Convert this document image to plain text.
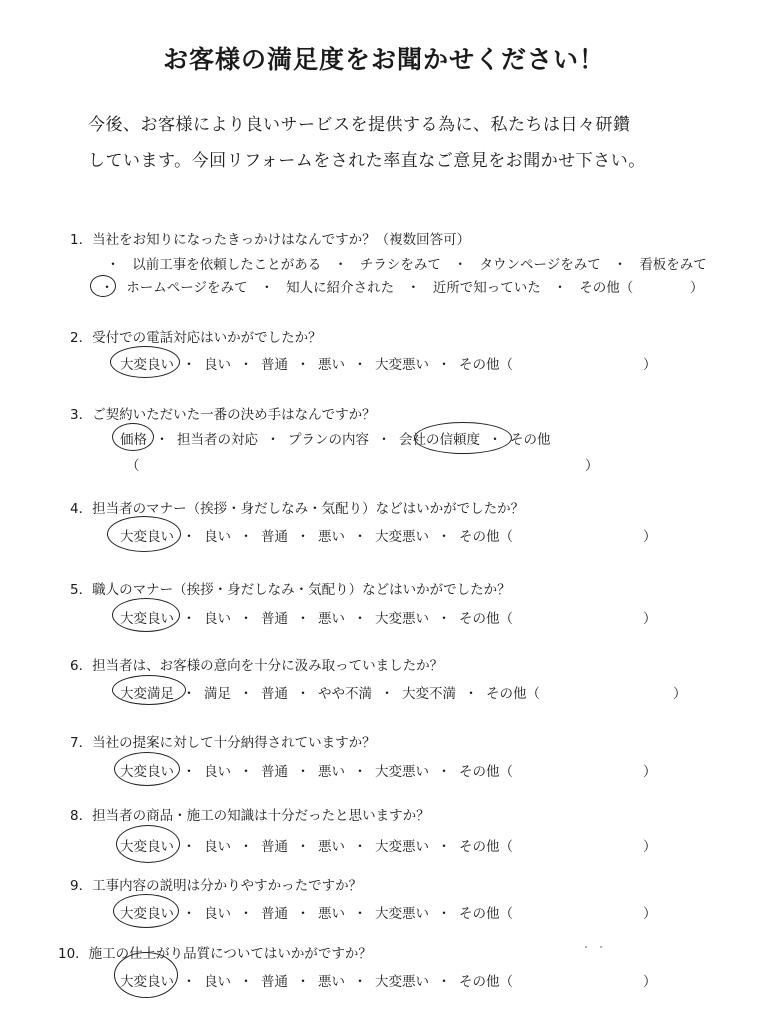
お客様の満足度をお聞かせください！
今後、お客様により良いサービスを提供する為に、私たちは日々研鑽
しています。今回リフォームをされた率直なご意見をお聞かせ下さい。
1．当社をお知りになったきっかけはなんですか？（複数回答可）
・ 以前工事を依頼したことがある ・ チラシをみて ・ タウンページをみて ・ 看板をみて
・ ホームページをみて ・ 知人に紹介された ・ 近所で知っていた ・ その他（	）
2．受付での電話対応はいかがでしたか？
大変良い ・ 良い ・ 普通 ・ 悪い ・ 大変悪い ・ その他（	）
3．ご契約いただいた一番の決め手はなんですか？
価格 ・ 担当者の対応 ・ プランの内容 ・ 会社の信頼度 ・ その他
（	）
4．担当者のマナー（挨拶・身だしなみ・気配り）などはいかがでしたか？
大変良い ・ 良い ・ 普通 ・ 悪い ・ 大変悪い ・ その他（	）
5．職人のマナー（挨拶・身だしなみ・気配り）などはいかがでしたか？
大変良い ・ 良い ・ 普通 ・ 悪い ・ 大変悪い ・ その他（	）
6．担当者は、お客様の意向を十分に汲み取っていましたか？
大変満足 ・ 満足 ・ 普通 ・ やや不満 ・ 大変不満 ・ その他（	）
7．当社の提案に対して十分納得されていますか？
大変良い ・ 良い ・ 普通 ・ 悪い ・ 大変悪い ・ その他（	）
8．担当者の商品・施工の知識は十分だったと思いますか？
大変良い ・ 良い ・ 普通 ・ 悪い ・ 大変悪い ・ その他（	）
9．工事内容の説明は分かりやすかったですか？
大変良い ・ 良い ・ 普通 ・ 悪い ・ 大変悪い ・ その他（	）
10．施工の仕上がり品質についてはいかがですか？
大変良い ・ 良い ・ 普通 ・ 悪い ・ 大変悪い ・ その他（	）
